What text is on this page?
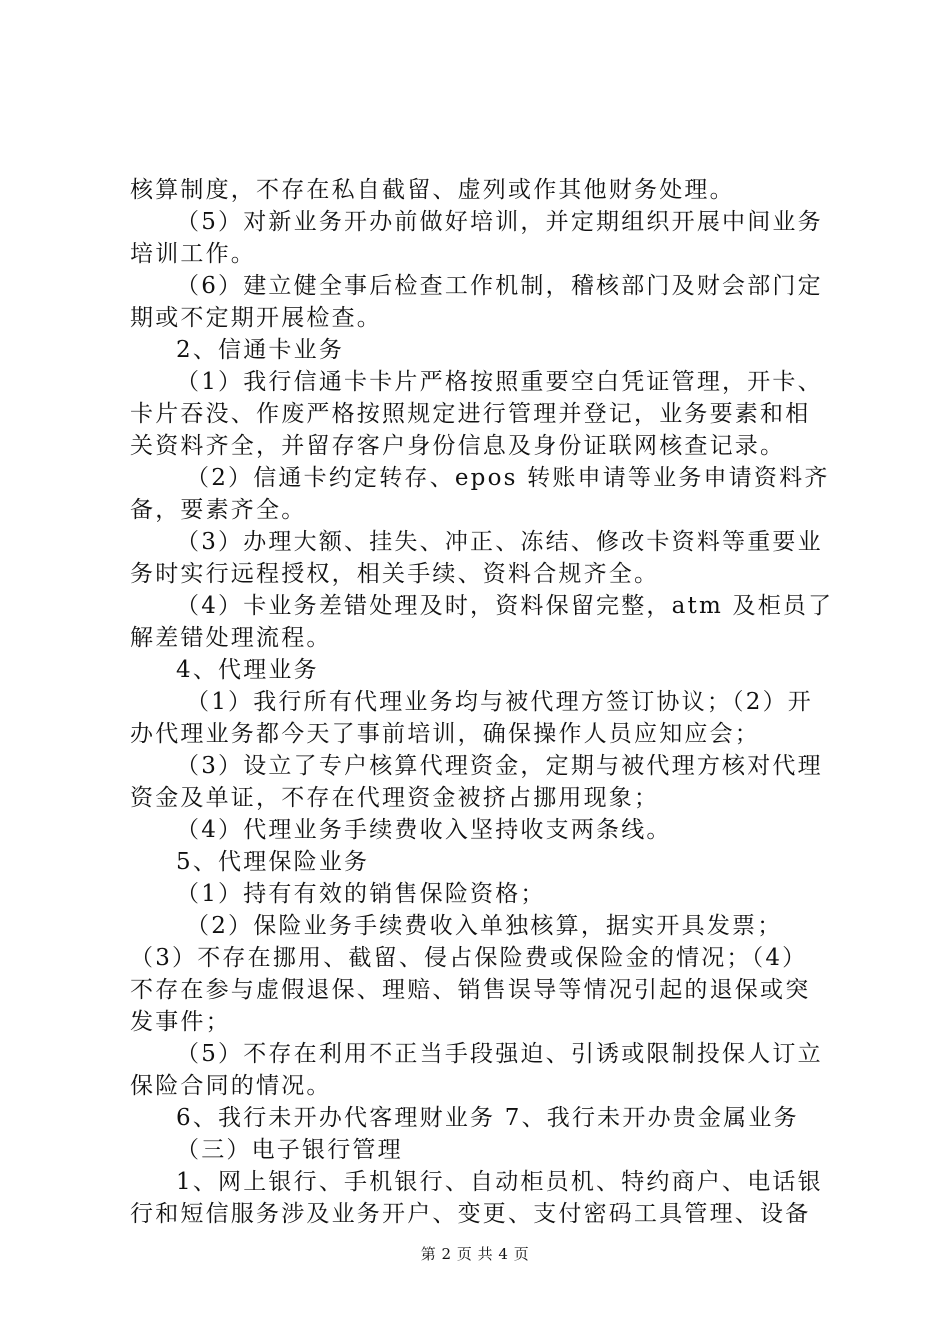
核算制度，不存在私自截留、虚列或作其他财务处理。
（5）对新业务开办前做好培训，并定期组织开展中间业务
培训工作。
（6）建立健全事后检查工作机制，稽核部门及财会部门定
期或不定期开展检查。
2、信通卡业务
（1）我行信通卡卡片严格按照重要空白凭证管理，开卡、
卡片吞没、作废严格按照规定进行管理并登记，业务要素和相
关资料齐全，并留存客户身份信息及身份证联网核查记录。
（2）信通卡约定转存、epos 转账申请等业务申请资料齐
备，要素齐全。
（3）办理大额、挂失、冲正、冻结、修改卡资料等重要业
务时实行远程授权，相关手续、资料合规齐全。
（4）卡业务差错处理及时，资料保留完整，atm 及柜员了
解差错处理流程。
4、代理业务
（1）我行所有代理业务均与被代理方签订协议；（2）开
办代理业务都今天了事前培训，确保操作人员应知应会；
（3）设立了专户核算代理资金，定期与被代理方核对代理
资金及单证，不存在代理资金被挤占挪用现象；
（4）代理业务手续费收入坚持收支两条线。
5、代理保险业务
（1）持有有效的销售保险资格；
（2）保险业务手续费收入单独核算，据实开具发票；
（3）不存在挪用、截留、侵占保险费或保险金的情况；（4）
不存在参与虚假退保、理赔、销售误导等情况引起的退保或突
发事件；
（5）不存在利用不正当手段强迫、引诱或限制投保人订立
保险合同的情况。
6、我行未开办代客理财业务 7、我行未开办贵金属业务
（三）电子银行管理
1、网上银行、手机银行、自动柜员机、特约商户、电话银
行和短信服务涉及业务开户、变更、支付密码工具管理、设备
第 2 页 共 4 页
